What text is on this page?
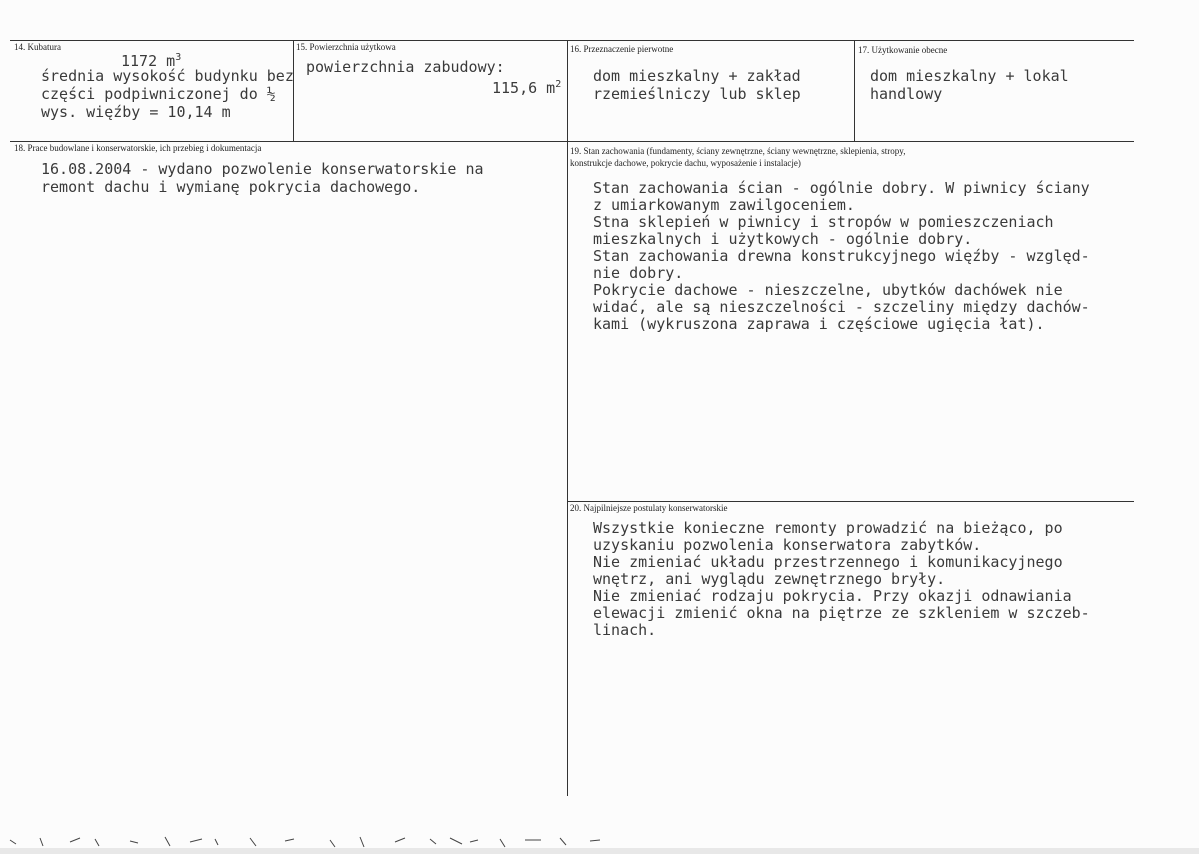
14. Kubatura
1172 $m^3$
średnia wysokość budynku bez
części podpiwniczonej do ½
wys. więźby = 10,14 m
15. Powierzchnia użytkowa
powierzchnia zabudowy:
115,6 $m^2$
16. Przeznaczenie pierwotne
dom mieszkalny + zakład
rzemieślniczy lub sklep
17. Użytkowanie obecne
dom mieszkalny + lokal
handlowy
18. Prace budowlane i konserwatorskie, ich przebieg i dokumentacja
16.08.2004 - wydano pozwolenie konserwatorskie na
remont dachu i wymianę pokrycia dachowego.
19. Stan zachowania (fundamenty, ściany zewnętrzne, ściany wewnętrzne, sklepienia, stropy,
konstrukcje dachowe, pokrycie dachu, wyposażenie i instalacje)
Stan zachowania ścian - ogólnie dobry. W piwnicy ściany
z umiarkowanym zawilgoceniem.
Stna sklepień w piwnicy i stropów w pomieszczeniach
mieszkalnych i użytkowych - ogólnie dobry.
Stan zachowania drewna konstrukcyjnego więźby - względ-
nie dobry.
Pokrycie dachowe - nieszczelne, ubytków dachówek nie
widać, ale są nieszczelności - szczeliny między dachów-
kami (wykruszona zaprawa i częściowe ugięcia łat).
20. Najpilniejsze postulaty konserwatorskie
Wszystkie konieczne remonty prowadzić na bieżąco, po
uzyskaniu pozwolenia konserwatora zabytków.
Nie zmieniać układu przestrzennego i komunikacyjnego
wnętrz, ani wyglądu zewnętrznego bryły.
Nie zmieniać rodzaju pokrycia. Przy okazji odnawiania
elewacji zmienić okna na piętrze ze szkleniem w szczeb-
linach.
